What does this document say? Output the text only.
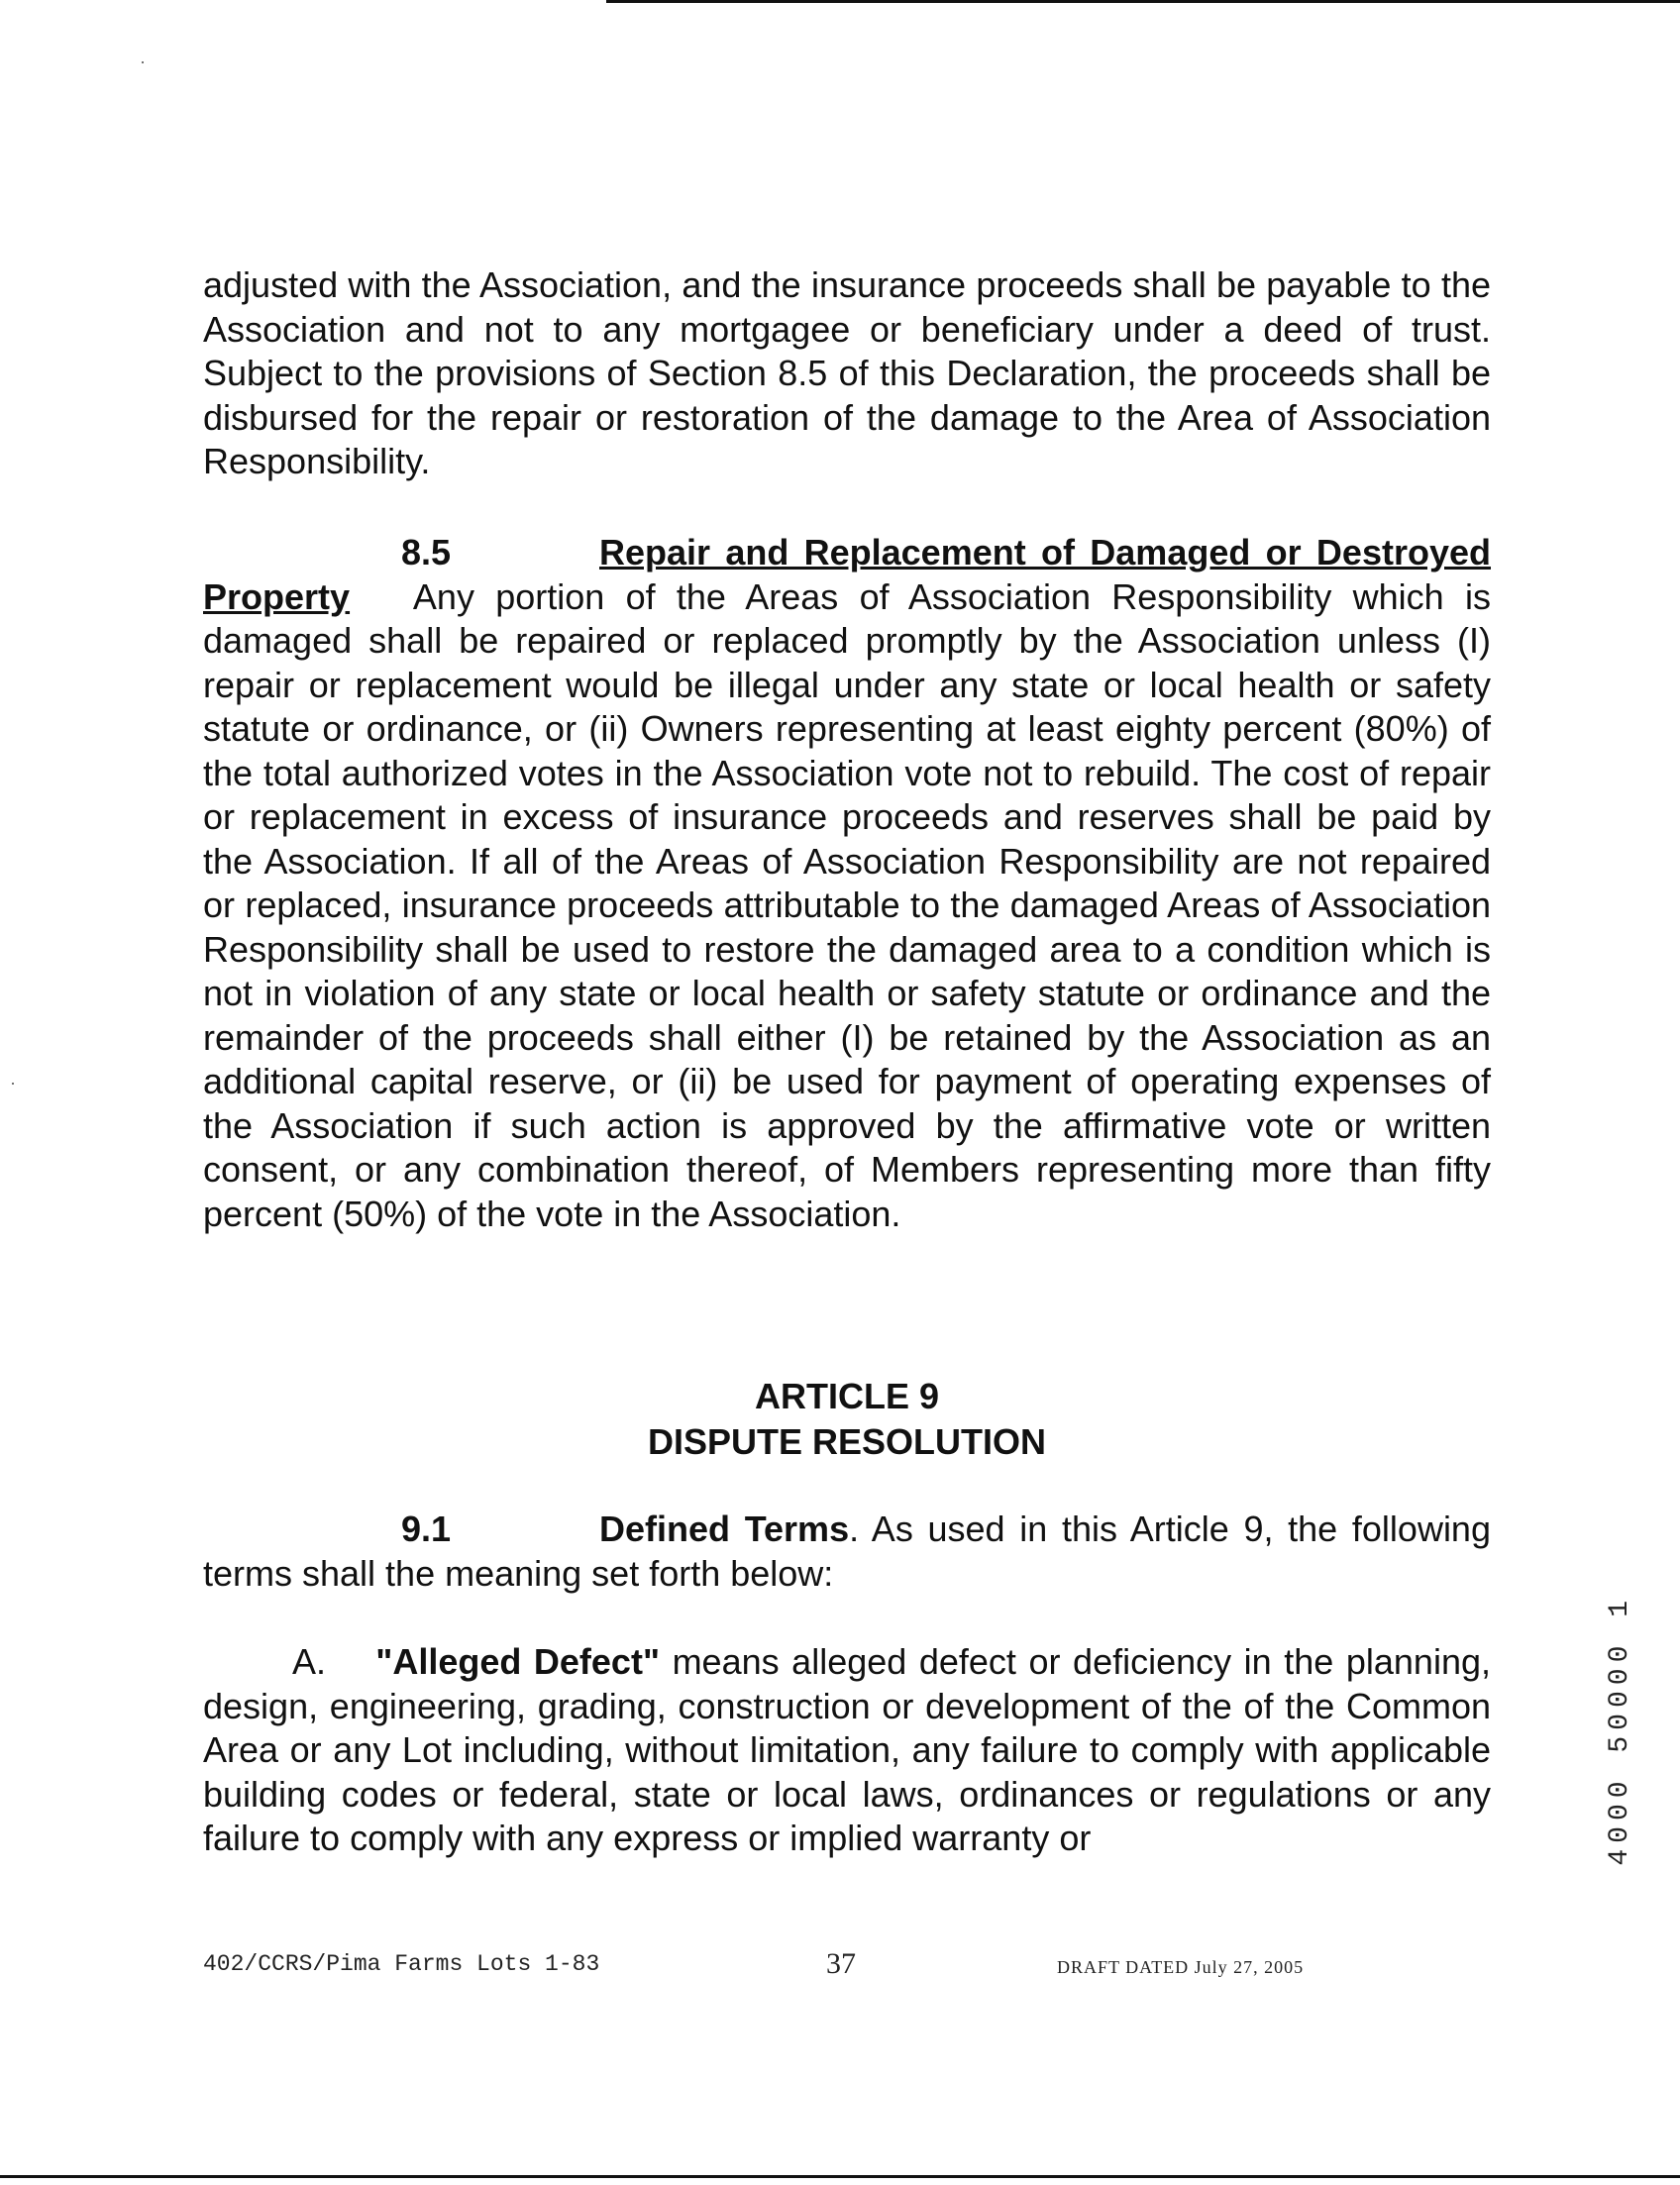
adjusted with the Association, and the insurance proceeds shall be payable to the Association and not to any mortgagee or beneficiary under a deed of trust. Subject to the provisions of Section 8.5 of this Declaration, the proceeds shall be disbursed for the repair or restoration of the damage to the Area of Association Responsibility.

8.5	Repair and Replacement of Damaged or Destroyed Property Any portion of the Areas of Association Responsibility which is damaged shall be repaired or replaced promptly by the Association unless (I) repair or replacement would be illegal under any state or local health or safety statute or ordinance, or (ii) Owners representing at least eighty percent (80%) of the total authorized votes in the Association vote not to rebuild. The cost of repair or replacement in excess of insurance proceeds and reserves shall be paid by the Association. If all of the Areas of Association Responsibility are not repaired or replaced, insurance proceeds attributable to the damaged Areas of Association Responsibility shall be used to restore the damaged area to a condition which is not in violation of any state or local health or safety statute or ordinance and the remainder of the proceeds shall either (I) be retained by the Association as an additional capital reserve, or (ii) be used for payment of operating expenses of the Association if such action is approved by the affirmative vote or written consent, or any combination thereof, of Members representing more than fifty percent (50%) of the vote in the Association.

ARTICLE 9
DISPUTE RESOLUTION

9.1	Defined Terms. As used in this Article 9, the following terms shall the meaning set forth below:

A. "Alleged Defect" means alleged defect or deficiency in the planning, design, engineering, grading, construction or development of the of the Common Area or any Lot including, without limitation, any failure to comply with applicable building codes or federal, state or local laws, ordinances or regulations or any failure to comply with any express or implied warranty or	4000 50000 1
402/CCRS/Pima Farms Lots 1-83	37	DRAFT DATED July 27, 2005
